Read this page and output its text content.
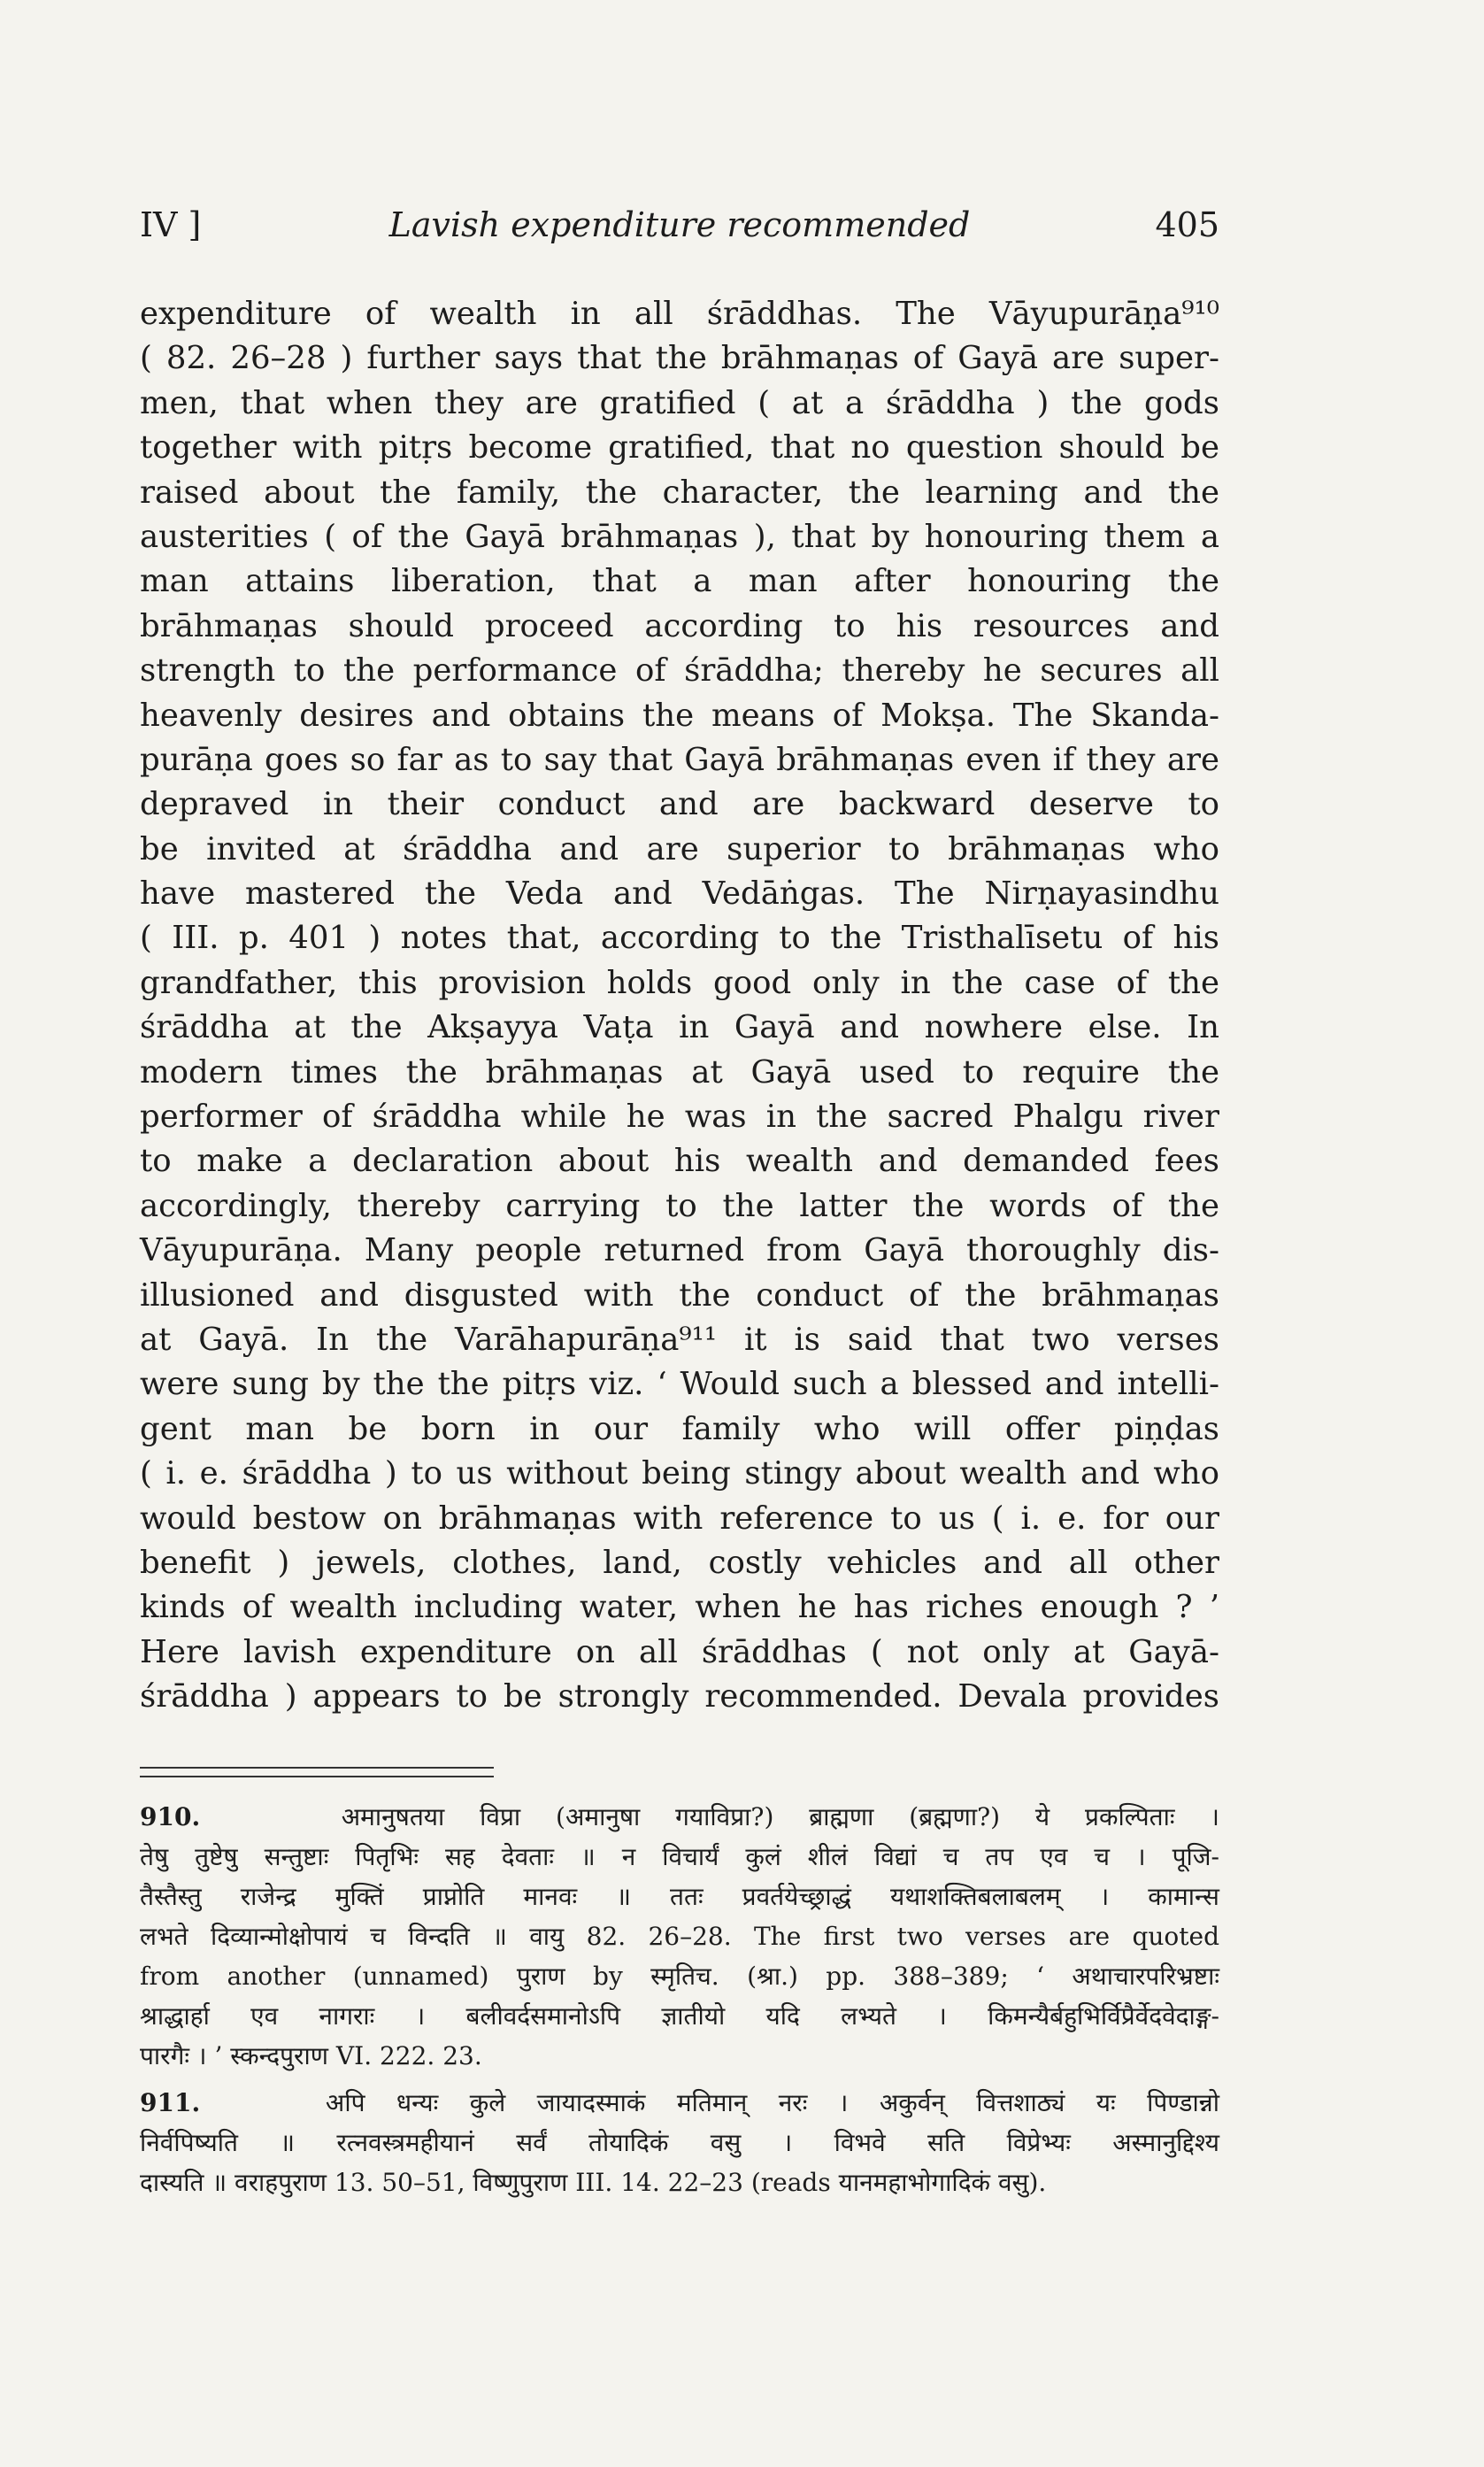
IV ]	Lavish expenditure recommended	405
expenditure of wealth in all śrāddhas. The Vāyupurāṇa⁹¹⁰
( 82. 26–28 ) further says that the brāhmaṇas of Gayā are super-
men, that when they are gratified ( at a śrāddha ) the gods
together with pitṛs become gratified, that no question should be
raised about the family, the character, the learning and the
austerities ( of the Gayā brāhmaṇas ), that by honouring them a
man attains liberation, that a man after honouring the
brāhmaṇas should proceed according to his resources and
strength to the performance of śrāddha; thereby he secures all
heavenly desires and obtains the means of Mokṣa. The Skanda-
purāṇa goes so far as to say that Gayā brāhmaṇas even if they are
depraved in their conduct and are backward deserve to
be invited at śrāddha and are superior to brāhmaṇas who
have mastered the Veda and Vedāṅgas. The Nirṇayasindhu
( III. p. 401 ) notes that, according to the Tristhalīsetu of his
grandfather, this provision holds good only in the case of the
śrāddha at the Akṣayya Vaṭa in Gayā and nowhere else. In
modern times the brāhmaṇas at Gayā used to require the
performer of śrāddha while he was in the sacred Phalgu river
to make a declaration about his wealth and demanded fees
accordingly, thereby carrying to the latter the words of the
Vāyupurāṇa. Many people returned from Gayā thoroughly dis-
illusioned and disgusted with the conduct of the brāhmaṇas
at Gayā. In the Varāhapurāṇa⁹¹¹ it is said that two verses
were sung by the the pitṛs viz. ‘ Would such a blessed and intelli-
gent man be born in our family who will offer piṇḍas
( i. e. śrāddha ) to us without being stingy about wealth and who
would bestow on brāhmaṇas with reference to us ( i. e. for our
benefit ) jewels, clothes, land, costly vehicles and all other
kinds of wealth including water, when he has riches enough ? ’
Here lavish expenditure on all śrāddhas ( not only at Gayā-
śrāddha ) appears to be strongly recommended. Devala provides
910.	अमानुषतया विप्रा (अमानुषा गयाविप्रा?) ब्राह्मणा (ब्रह्मणा?) ये प्रकल्पिताः ।
तेषु तुष्टेषु सन्तुष्टाः पितृभिः सह देवताः ॥ न विचार्यं कुलं शीलं विद्यां च तप एव च । पूजि-
तैस्तैस्तु राजेन्द्र मुक्तिं प्राप्नोति मानवः ॥ ततः प्रवर्तयेच्छ्राद्धं यथाशक्तिबलाबलम् । कामान्स
लभते दिव्यान्मोक्षोपायं च विन्दति ॥ वायु 82. 26–28. The first two verses are quoted
from another (unnamed) पुराण by स्मृतिच. (श्रा.) pp. 388–389; ‘ अथाचारपरिभ्रष्टाः
श्राद्धार्हा एव नागराः । बलीवर्दसमानोऽपि ज्ञातीयो यदि लभ्यते । किमन्यैर्बहुभिर्विप्रैर्वेदवेदाङ्ग-
पारगैः । ’ स्कन्दपुराण VI. 222. 23.
911.	अपि धन्यः कुले जायादस्माकं मतिमान् नरः । अकुर्वन् वित्तशाठ्यं यः पिण्डान्नो
निर्वपिष्यति ॥ रत्नवस्त्रमहीयानं सर्वं तोयादिकं वसु । विभवे सति विप्रेभ्यः अस्मानुद्दिश्य
दास्यति ॥ वराहपुराण 13. 50–51, विष्णुपुराण III. 14. 22–23 (reads यानमहाभोगादिकं वसु).
